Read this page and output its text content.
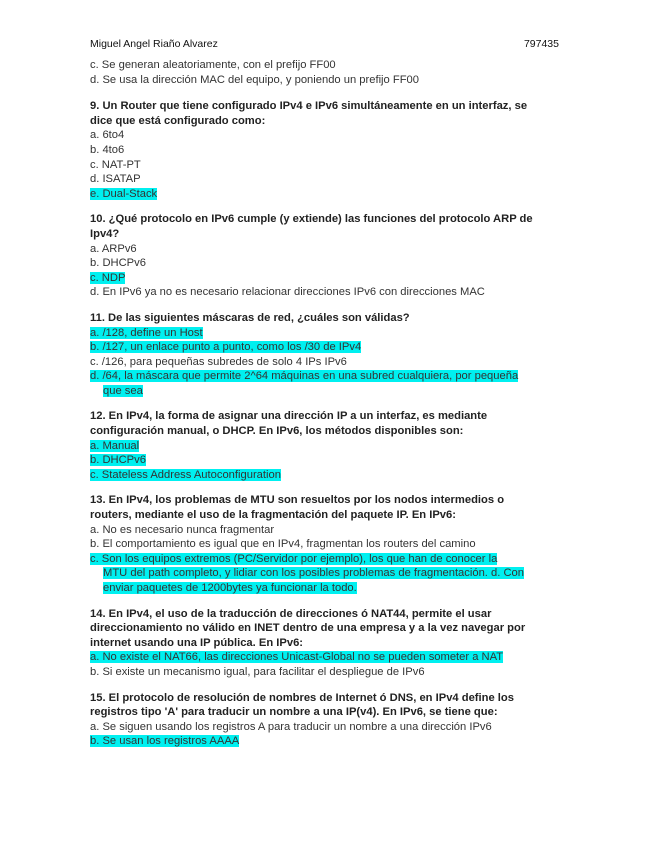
Miguel Angel Riaño Alvarez	797435

c. Se generan aleatoriamente, con el prefijo FF00

d. Se usa la dirección MAC del equipo, y poniendo un prefijo FF00

9. Un Router que tiene configurado IPv4 e IPv6 simultáneamente en un interfaz, se

dice que está configurado como:

a. 6to4

b. 4to6

c. NAT-PT

d. ISATAP

e. Dual-Stack

10. ¿Qué protocolo en IPv6 cumple (y extiende) las funciones del protocolo ARP de

Ipv4?

a. ARPv6

b. DHCPv6

c. NDP

d. En IPv6 ya no es necesario relacionar direcciones IPv6 con direcciones MAC

11. De las siguientes máscaras de red, ¿cuáles son válidas?

a. /128, define un Host

b. /127, un enlace punto a punto, como los /30 de IPv4

c. /126, para pequeñas subredes de solo 4 IPs IPv6

d. /64, la máscara que permite 2^64 máquinas en una subred cualquiera, por pequeña

que sea

12. En IPv4, la forma de asignar una dirección IP a un interfaz, es mediante

configuración manual, o DHCP. En IPv6, los métodos disponibles son:

a. Manual

b. DHCPv6

c. Stateless Address Autoconfiguration

13. En IPv4, los problemas de MTU son resueltos por los nodos intermedios o

routers, mediante el uso de la fragmentación del paquete IP. En IPv6:

a. No es necesario nunca fragmentar

b. El comportamiento es igual que en IPv4, fragmentan los routers del camino

c. Son los equipos extremos (PC/Servidor por ejemplo), los que han de conocer la

MTU del path completo, y lidiar con los posibles problemas de fragmentación. d. Con

enviar paquetes de 1200bytes ya funcionar la todo.

14. En IPv4, el uso de la traducción de direcciones ó NAT44, permite el usar

direccionamiento no válido en INET dentro de una empresa y a la vez navegar por

internet usando una IP pública. En IPv6:

a. No existe el NAT66, las direcciones Unicast-Global no se pueden someter a NAT

b. Si existe un mecanismo igual, para facilitar el despliegue de IPv6

15. El protocolo de resolución de nombres de Internet ó DNS, en IPv4 define los

registros tipo 'A' para traducir un nombre a una IP(v4). En IPv6, se tiene que:

a. Se siguen usando los registros A para traducir un nombre a una dirección IPv6

b. Se usan los registros AAAA
